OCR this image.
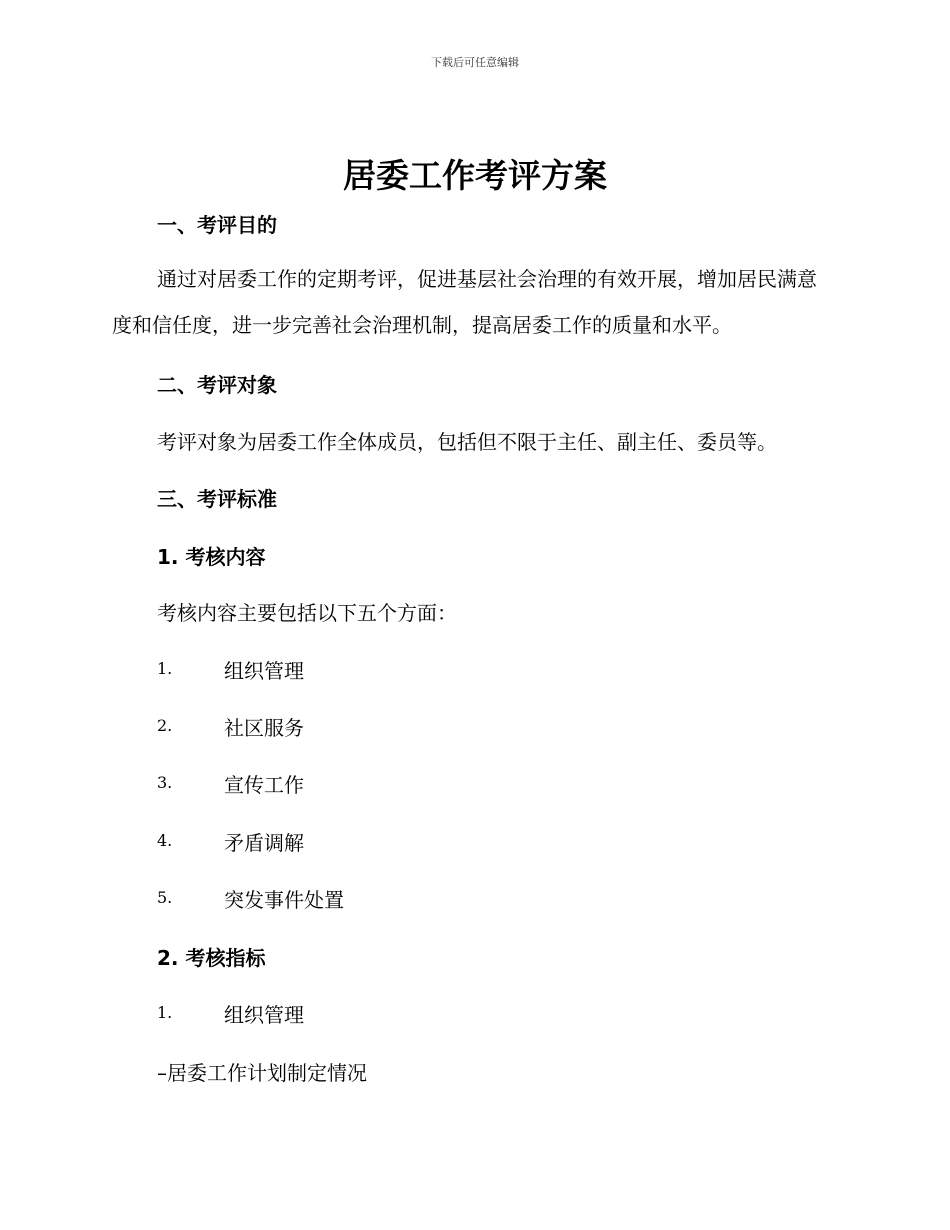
下载后可任意编辑
居委工作考评方案
一、考评目的
通过对居委工作的定期考评，促进基层社会治理的有效开展，增加居民满意度和信任度，进一步完善社会治理机制，提高居委工作的质量和水平。
二、考评对象
考评对象为居委工作全体成员，包括但不限于主任、副主任、委员等。
三、考评标准
1. 考核内容
考核内容主要包括以下五个方面：
1.	组织管理
2.	社区服务
3.	宣传工作
4.	矛盾调解
5.	突发事件处置
2. 考核指标
1.	组织管理
–居委工作计划制定情况
